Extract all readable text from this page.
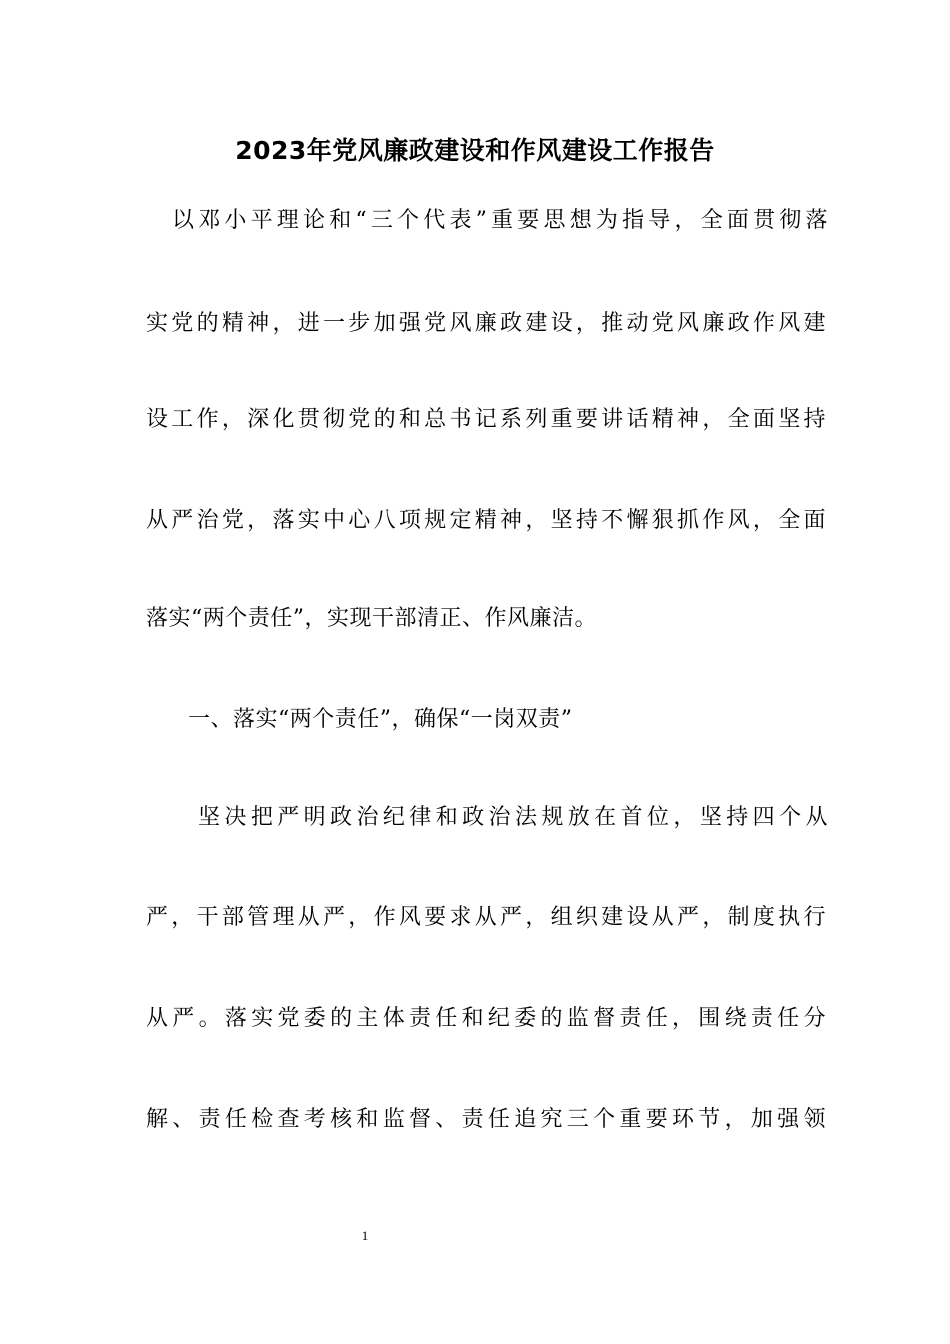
2023年党风廉政建设和作风建设工作报告
以邓小平理论和“三个代表”重要思想为指导，全面贯彻落
实党的精神，进一步加强党风廉政建设，推动党风廉政作风建
设工作，深化贯彻党的和总书记系列重要讲话精神，全面坚持
从严治党，落实中心八项规定精神，坚持不懈狠抓作风，全面
落实“两个责任”，实现干部清正、作风廉洁。
一、落实“两个责任”，确保“一岗双责”
坚决把严明政治纪律和政治法规放在首位，坚持四个从
严，干部管理从严，作风要求从严，组织建设从严，制度执行
从严。落实党委的主体责任和纪委的监督责任，围绕责任分
解、责任检查考核和监督、责任追究三个重要环节，加强领
1
